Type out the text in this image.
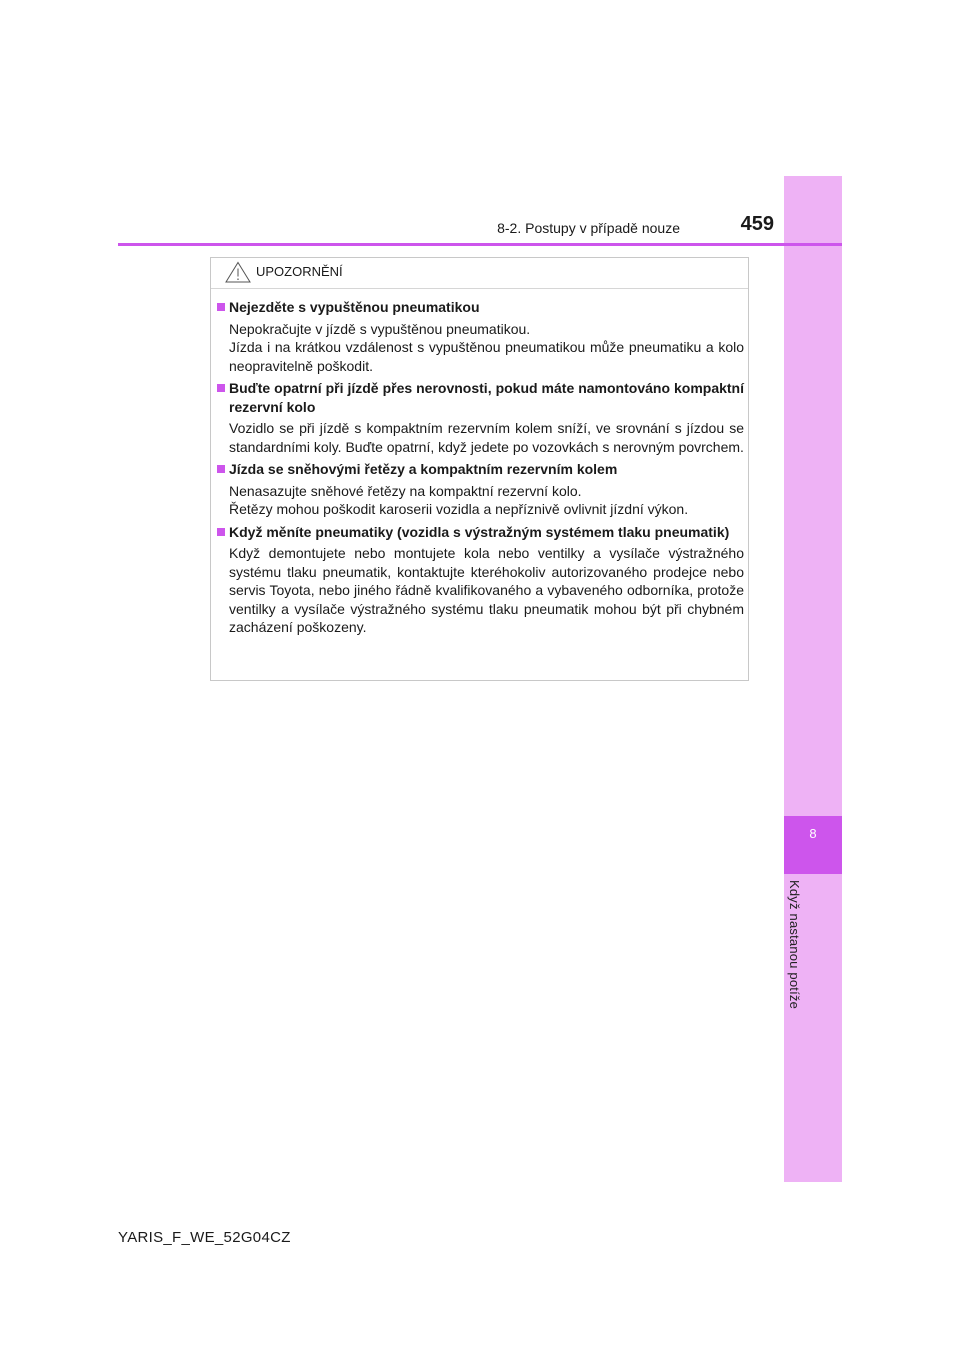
8
Když nastanou potíže
8-2. Postupy v případě nouze	459
UPOZORNĚNÍ
Nejezděte s vypuštěnou pneumatikou

Nepokračujte v jízdě s vypuštěnou pneumatikou.

Jízda i na krátkou vzdálenost s vypuštěnou pneumatikou může pneumatiku a kolo neopravitelně poškodit.

Buďte opatrní při jízdě přes nerovnosti, pokud máte namontováno kompaktní rezervní kolo

Vozidlo se při jízdě s kompaktním rezervním kolem sníží, ve srovnání s jízdou se standardními koly. Buďte opatrní, když jedete po vozovkách s nerovným povrchem.

Jízda se sněhovými řetězy a kompaktním rezervním kolem

Nenasazujte sněhové řetězy na kompaktní rezervní kolo.

Řetězy mohou poškodit karoserii vozidla a nepříznivě ovlivnit jízdní výkon.

Když měníte pneumatiky (vozidla s výstražným systémem tlaku pneumatik)

Když demontujete nebo montujete kola nebo ventilky a vysílače výstražného systému tlaku pneumatik, kontaktujte kteréhokoliv autorizovaného prodejce nebo servis Toyota, nebo jiného řádně kvalifikovaného a vybaveného odborníka, protože ventilky a vysílače výstražného systému tlaku pneumatik mohou být při chybném zacházení poškozeny.

YARIS_F_WE_52G04CZ
